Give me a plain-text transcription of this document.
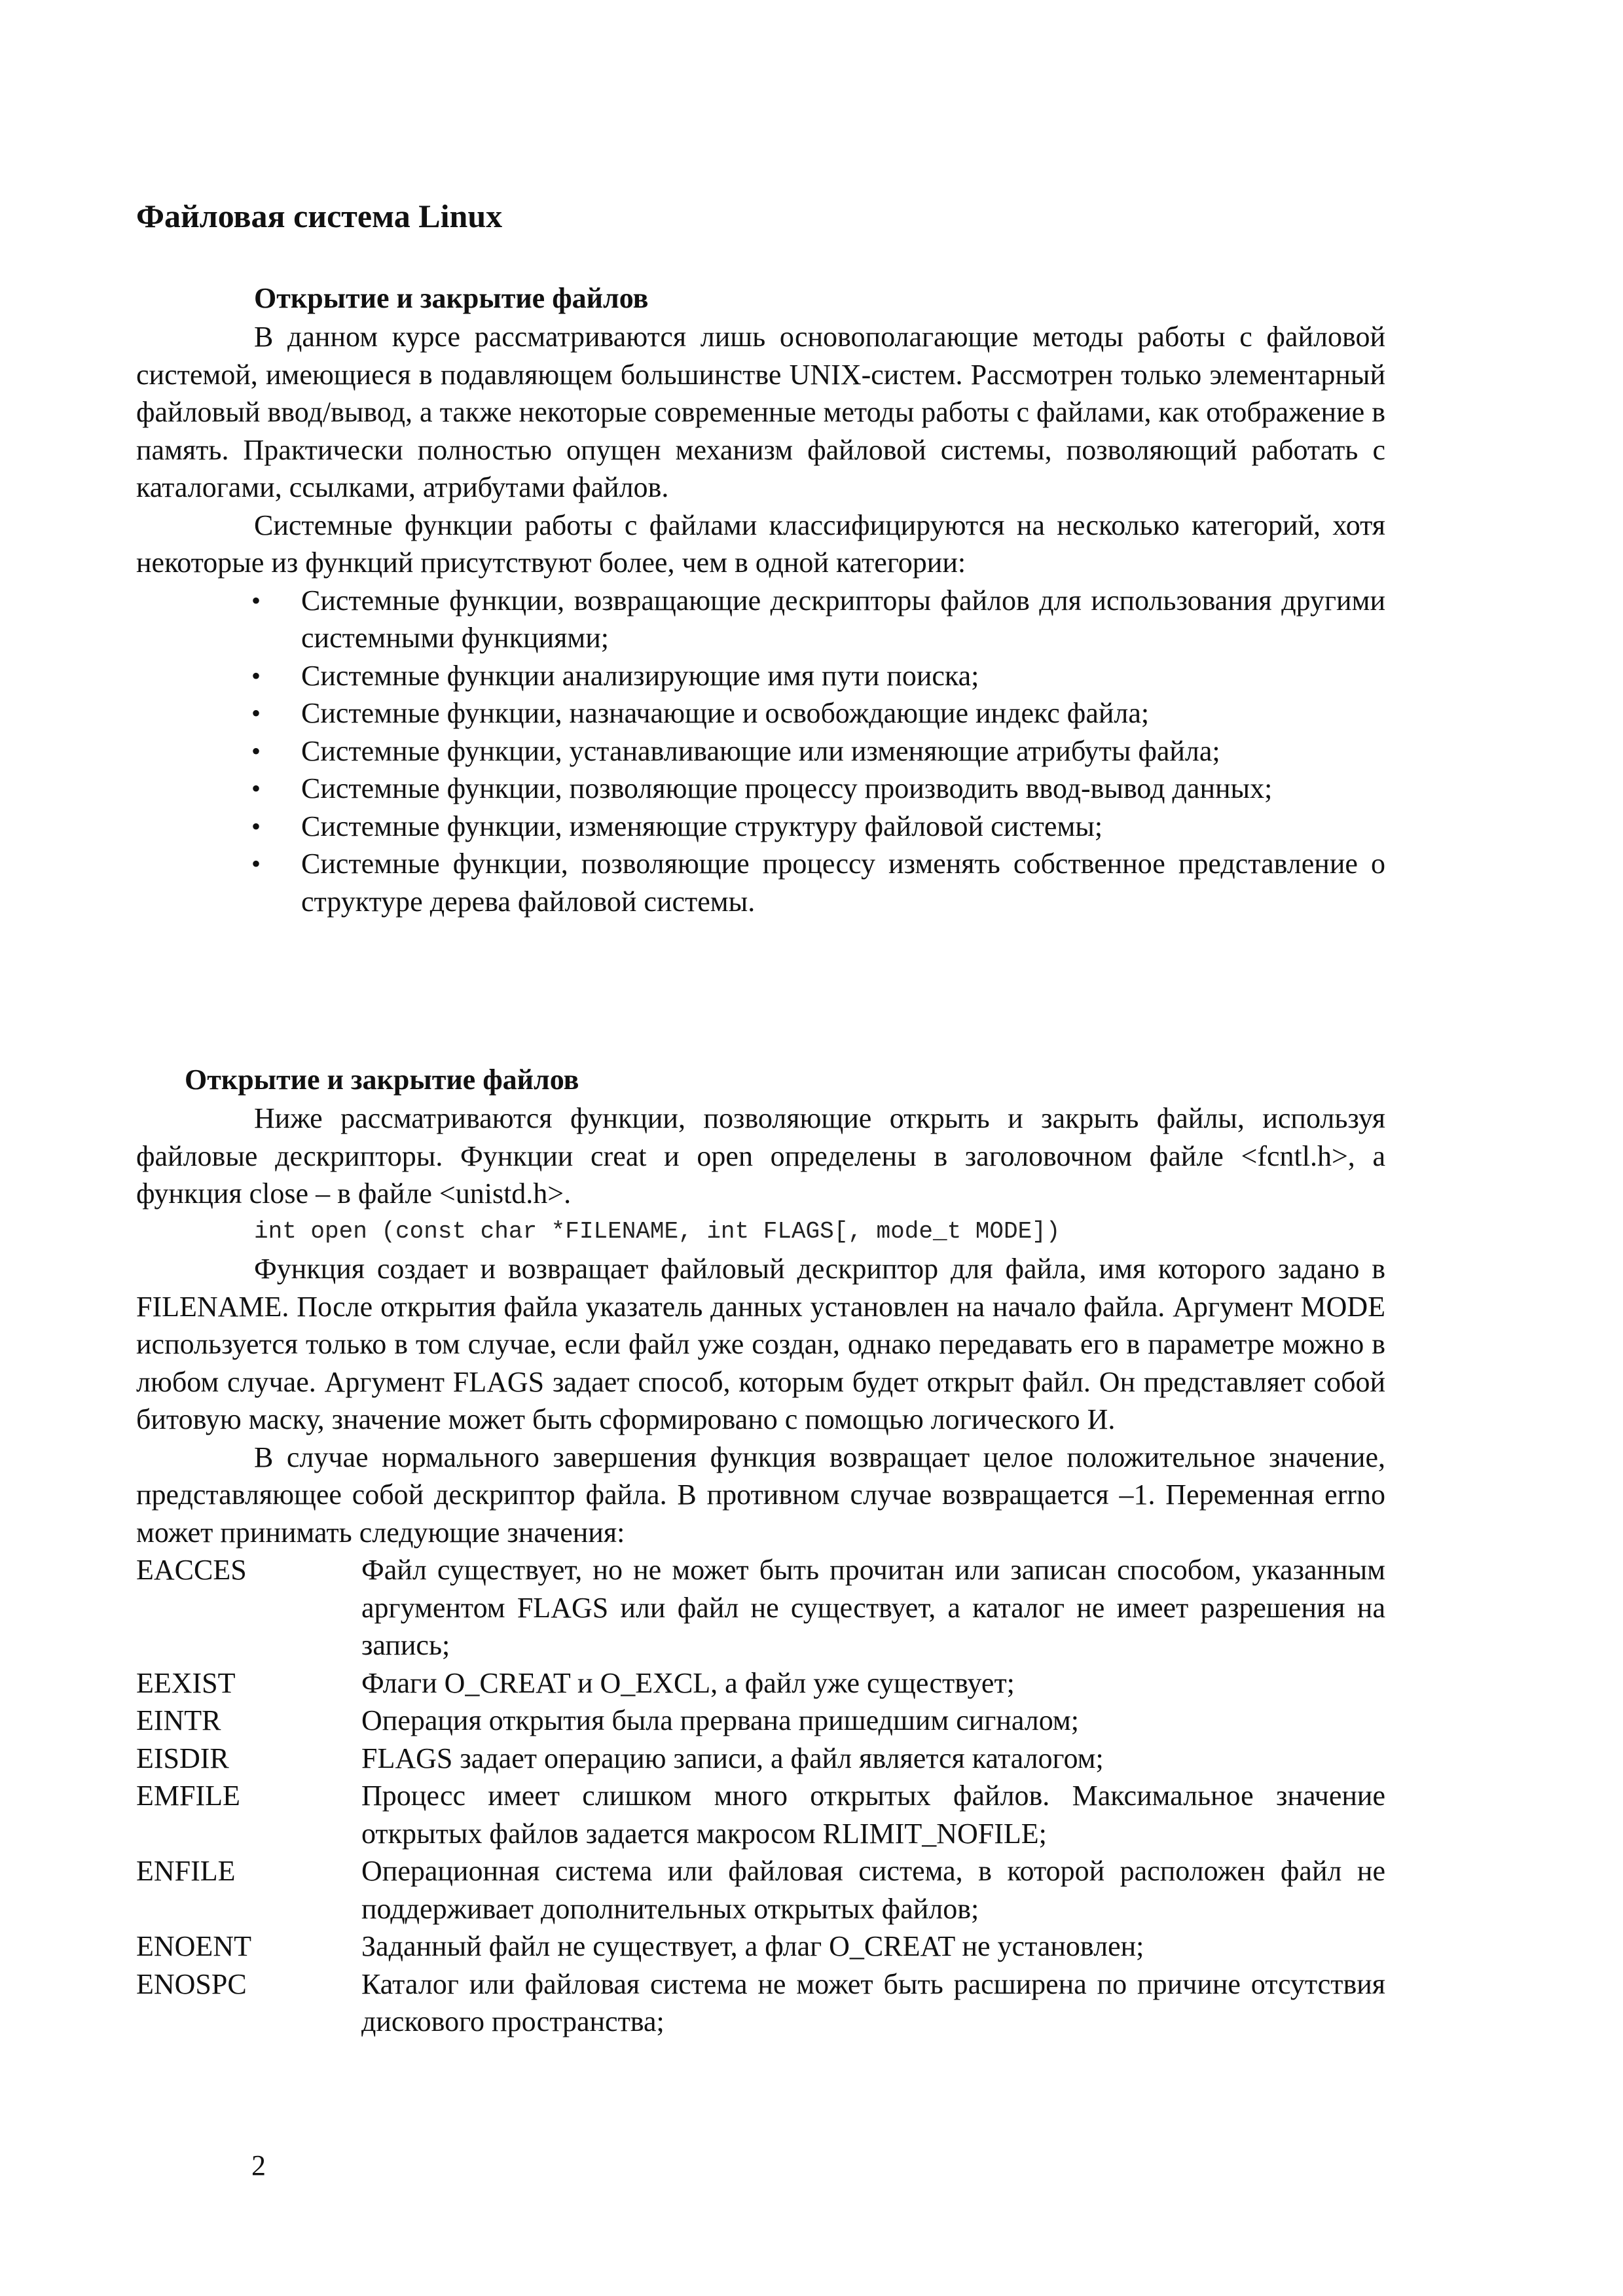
Файловая система Linux
Открытие и закрытие файлов

В данном курсе рассматриваются лишь основополагающие методы работы с файловой системой, имеющиеся в подавляющем большинстве UNIX-систем. Рассмотрен только элементарный файловый ввод/вывод, а также некоторые современные методы работы с файлами, как отображение в память. Практически полностью опущен механизм файловой системы, позволяющий работать с каталогами, ссылками, атрибутами файлов.

Системные функции работы с файлами классифицируются на несколько категорий, хотя некоторые из функций присутствуют более, чем в одной категории:

• Системные функции, возвращающие дескрипторы файлов для использования другими системными функциями;
• Системные функции анализирующие имя пути поиска;
• Системные функции, назначающие и освобождающие индекс файла;
• Системные функции, устанавливающие или изменяющие атрибуты файла;
• Системные функции, позволяющие процессу производить ввод-вывод данных;
• Системные функции, изменяющие структуру файловой системы;
• Системные функции, позволяющие процессу изменять собственное представление о структуре дерева файловой системы.
Открытие и закрытие файлов

Ниже рассматриваются функции, позволяющие открыть и закрыть файлы, используя файловые дескрипторы. Функции creat и open определены в заголовочном файле <fcntl.h>, а функция close – в файле <unistd.h>.

int open (const char *FILENAME, int FLAGS[, mode_t MODE])

Функция создает и возвращает файловый дескриптор для файла, имя которого задано в FILENAME. После открытия файла указатель данных установлен на начало файла. Аргумент MODE используется только в том случае, если файл уже создан, однако передавать его в параметре можно в любом случае. Аргумент FLAGS задает способ, которым будет открыт файл. Он представляет собой битовую маску, значение может быть сформировано с помощью логического И.

В случае нормального завершения функция возвращает целое положительное значение, представляющее собой дескриптор файла. В противном случае возвращается –1. Переменная errno может принимать следующие значения:

EACCES	Файл существует, но не может быть прочитан или записан способом, указанным аргументом FLAGS или файл не существует, а каталог не имеет разрешения на запись;
EEXIST	Флаги O_CREAT и O_EXCL, а файл уже существует;
EINTR	Операция открытия была прервана пришедшим сигналом;
EISDIR	FLAGS задает операцию записи, а файл является каталогом;
EMFILE	Процесс имеет слишком много открытых файлов. Максимальное значение открытых файлов задается макросом RLIMIT_NOFILE;
ENFILE	Операционная система или файловая система, в которой расположен файл не поддерживает дополнительных открытых файлов;
ENOENT	Заданный файл не существует, а флаг O_CREAT не установлен;
ENOSPC	Каталог или файловая система не может быть расширена по причине отсутствия дискового пространства;
2
